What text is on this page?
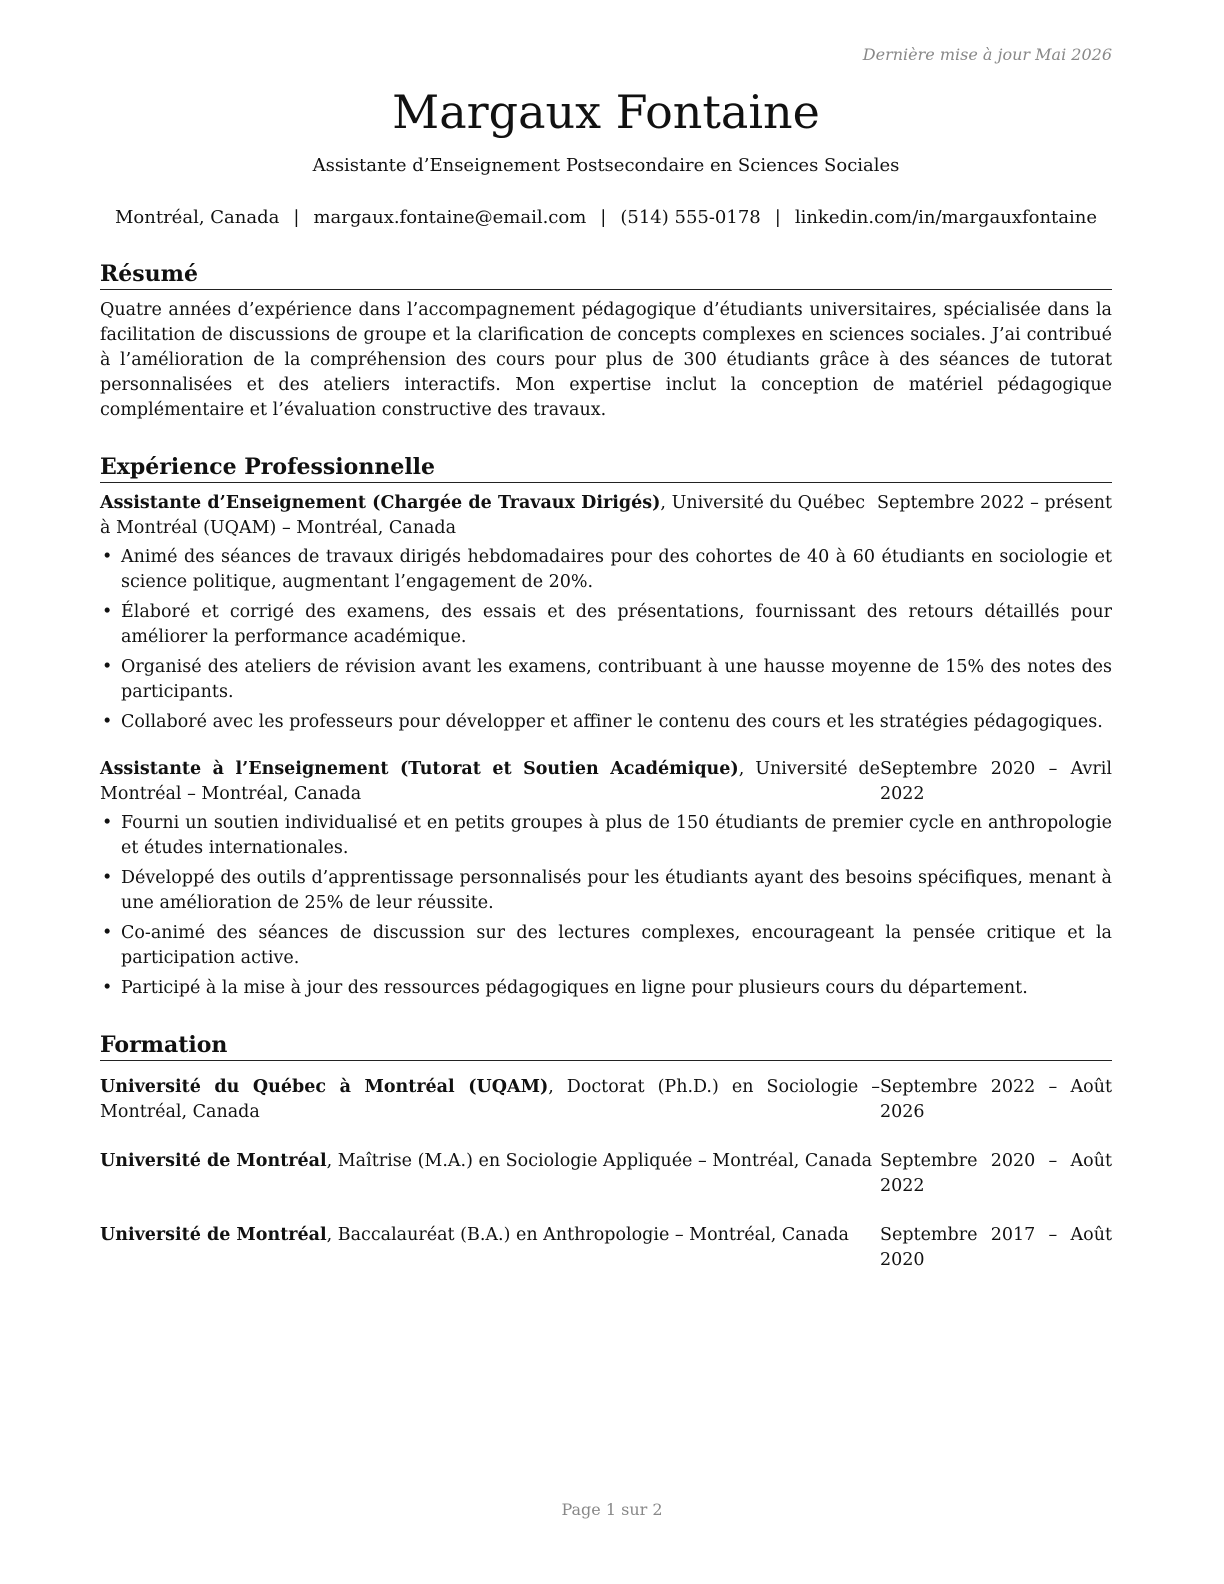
Dernière mise à jour Mai 2026
Margaux Fontaine
Assistante d’Enseignement Postsecondaire en Sciences Sociales
Montréal, Canada | margaux.fontaine@email.com | (514) 555-0178 | linkedin.com/in/margauxfontaine
Résumé

Quatre années d’expérience dans l’accompagnement pédagogique d’étudiants universitaires, spécialisée dans la facilitation de discussions de groupe et la clarification de concepts complexes en sciences sociales. J’ai contribué à l’amélioration de la compréhension des cours pour plus de 300 étudiants grâce à des séances de tutorat personnalisées et des ateliers interactifs. Mon expertise inclut la conception de matériel pédagogique complémentaire et l’évaluation constructive des travaux.

Expérience Professionnelle
Assistante d’Enseignement (Chargée de Travaux Dirigés), Université du Québec à Montréal (UQAM) – Montréal, Canada
Septembre 2022 – présent
• Animé des séances de travaux dirigés hebdomadaires pour des cohortes de 40 à 60 étudiants en sociologie et science politique, augmentant l’engagement de 20%.
• Élaboré et corrigé des examens, des essais et des présentations, fournissant des retours détaillés pour améliorer la performance académique.
• Organisé des ateliers de révision avant les examens, contribuant à une hausse moyenne de 15% des notes des participants.
• Collaboré avec les professeurs pour développer et affiner le contenu des cours et les stratégies pédagogiques.
Assistante à l’Enseignement (Tutorat et Soutien Académique), Université de Montréal – Montréal, Canada
Septembre 2020 – Avril 2022
• Fourni un soutien individualisé et en petits groupes à plus de 150 étudiants de premier cycle en anthropologie et études internationales.
• Développé des outils d’apprentissage personnalisés pour les étudiants ayant des besoins spécifiques, menant à une amélioration de 25% de leur réussite.
• Co-animé des séances de discussion sur des lectures complexes, encourageant la pensée critique et la participation active.
• Participé à la mise à jour des ressources pédagogiques en ligne pour plusieurs cours du département.
Formation
Université du Québec à Montréal (UQAM), Doctorat (Ph.D.) en Sociologie – Montréal, Canada
Septembre 2022 – Août 2026
Université de Montréal, Maîtrise (M.A.) en Sociologie Appliquée – Montréal, Canada Septembre 2020 – Août 2022
Université de Montréal, Baccalauréat (B.A.) en Anthropologie – Montréal, Canada	Septembre 2017 – Août 2020
Page 1 sur 2
